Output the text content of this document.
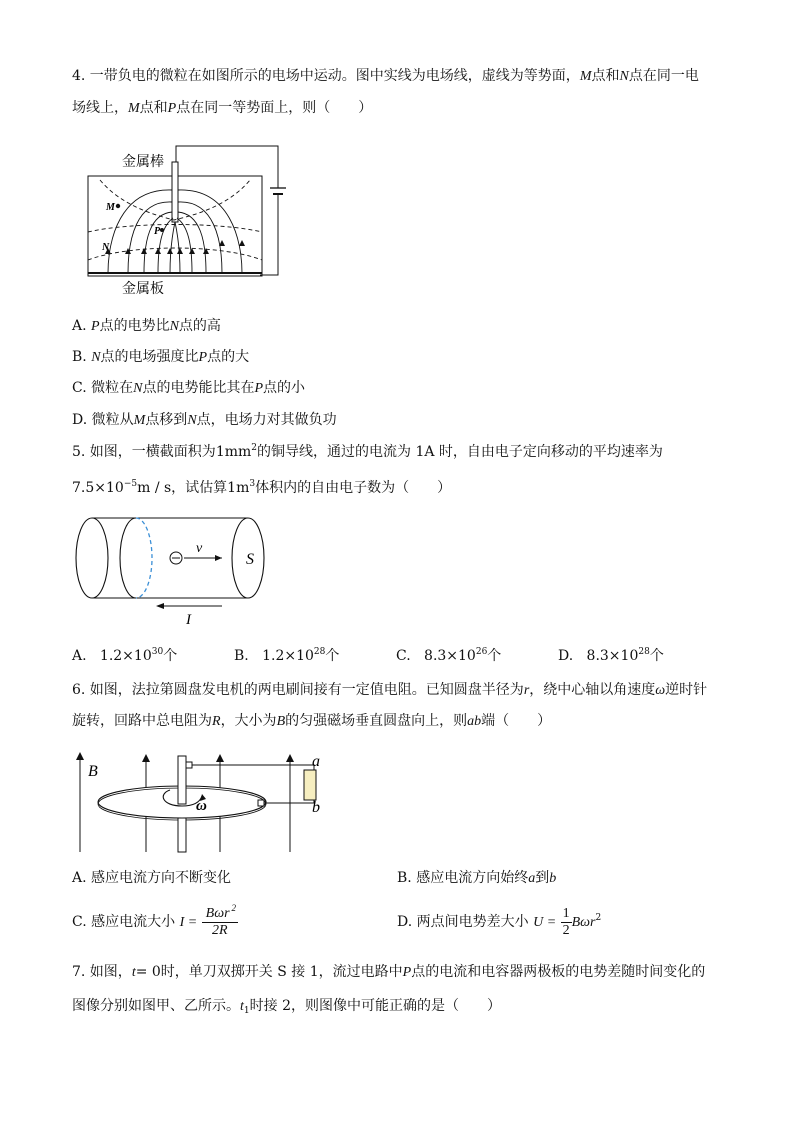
4. 一带负电的微粒在如图所示的电场中运动。图中实线为电场线，虚线为等势面，M点和N点在同一电
场线上，M点和P点在同一等势面上，则（　　）
M
N
P
金属棒
金属板
A. P点的电势比N点的高
B. N点的电场强度比P点的大
C. 微粒在N点的电势能比其在P点的小
D. 微粒从M点移到N点，电场力对其做负功
5. 如图，一横截面积为$1mm^2$的铜导线，通过的电流为 1A 时，自由电子定向移动的平均速率为
$7.5\times 10^{-5}m / s$，试估算$1m^3$体积内的自由电子数为（　　）
v
S
I
A. $1.2\times 10^{30}$个	B. $1.2\times 10^{28}$个	C. $8.3\times 10^{26}$个	D. $8.3\times 10^{28}$个
6. 如图，法拉第圆盘发电机的两电刷间接有一定值电阻。已知圆盘半径为r，绕中心轴以角速度ω逆时针
旋转，回路中总电阻为R，大小为B的匀强磁场垂直圆盘向上，则ab端（　　）
ω
B
a
b
A. 感应电流方向不断变化	B. 感应电流方向始终a到b
C. 感应电流大小 $I = \frac{B\omega r ^2}{2R}$	D. 两点间电势差大小 $U = \frac{1}{2} B\omega r^2$
7. 如图，t= 0时，单刀双掷开关 S 接 1，流过电路中P点的电流和电容器两极板的电势差随时间变化的
图像分别如图甲、乙所示。$t_1$时接 2，则图像中可能正确的是（　　）
